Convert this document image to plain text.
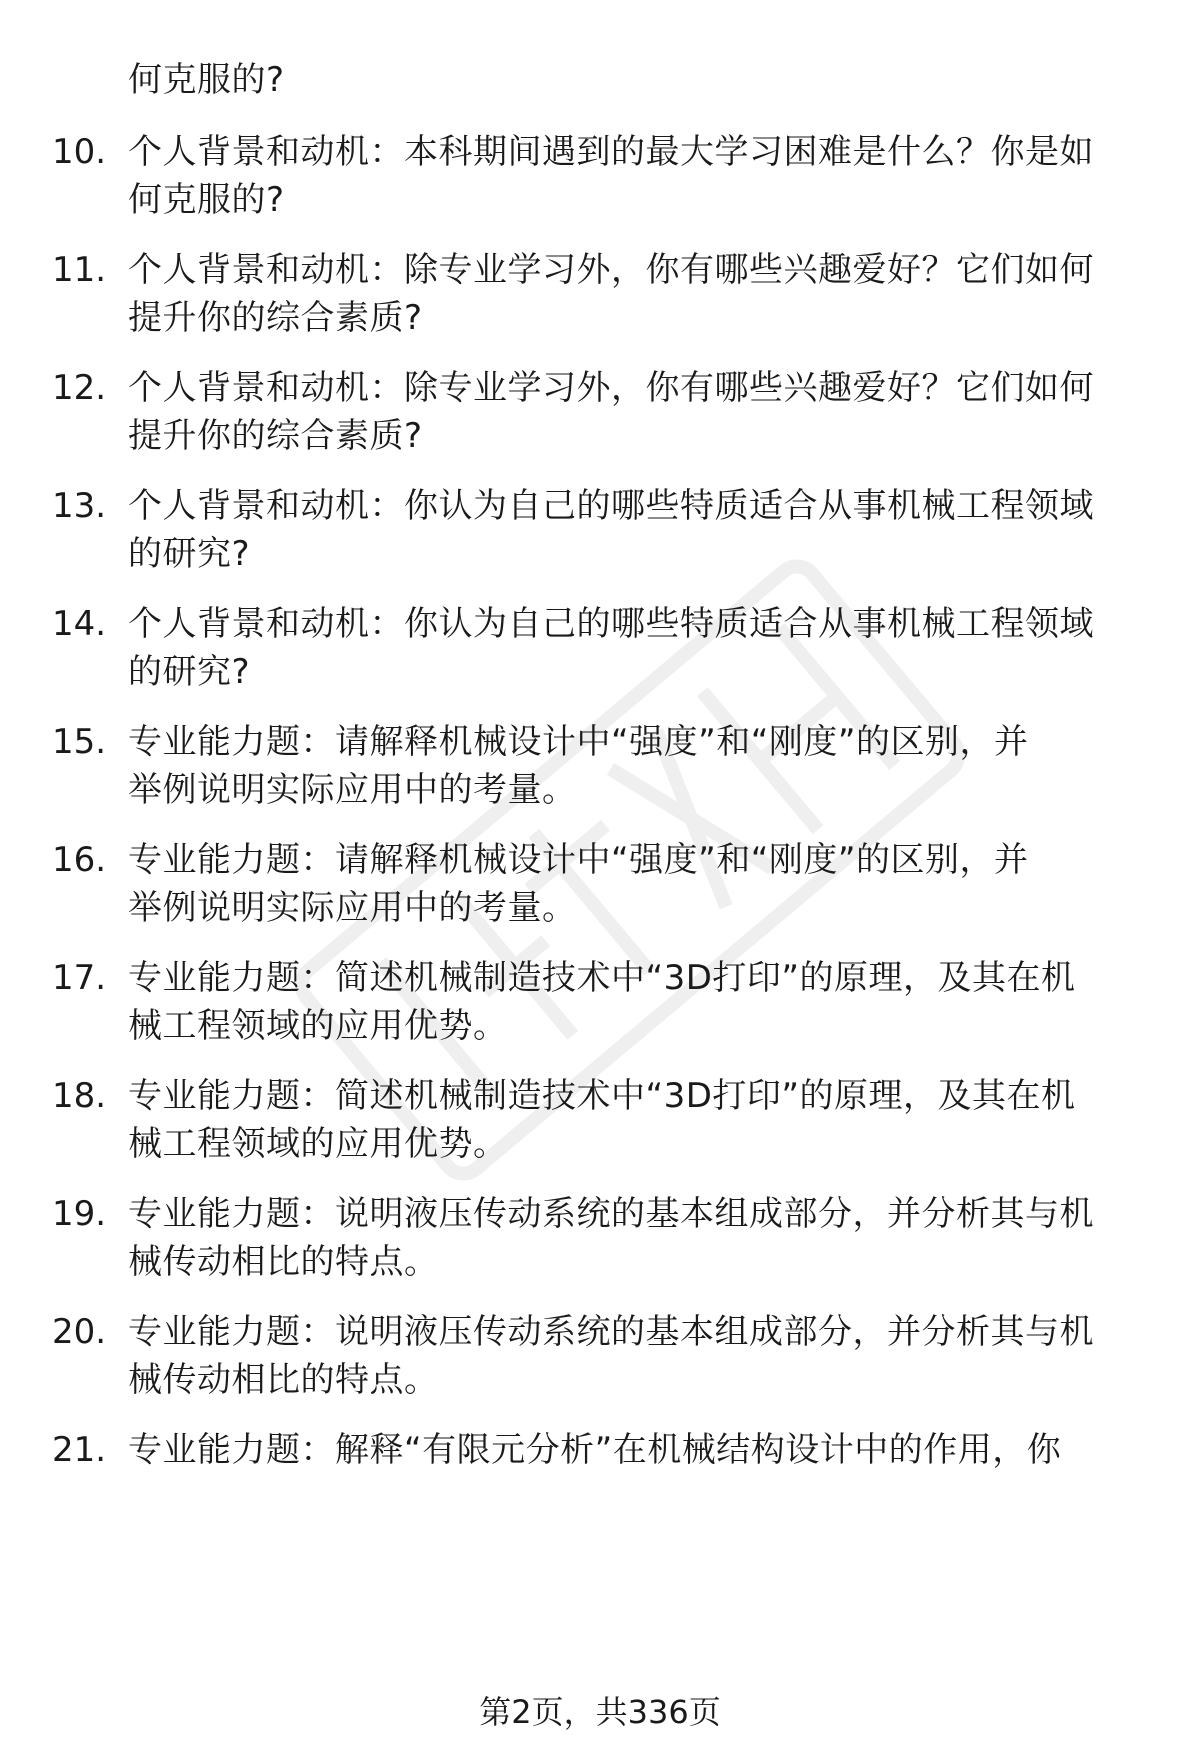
何克服的?
10. 个人背景和动机：本科期间遇到的最大学习困难是什么？你是如
何克服的?
11. 个人背景和动机：除专业学习外，你有哪些兴趣爱好？它们如何
提升你的综合素质?
12. 个人背景和动机：除专业学习外，你有哪些兴趣爱好？它们如何
提升你的综合素质?
13. 个人背景和动机：你认为自己的哪些特质适合从事机械工程领域
的研究?
14. 个人背景和动机：你认为自己的哪些特质适合从事机械工程领域
的研究?
15. 专业能力题：请解释机械设计中“强度”和“刚度”的区别，并
举例说明实际应用中的考量。
16. 专业能力题：请解释机械设计中“强度”和“刚度”的区别，并
举例说明实际应用中的考量。
17. 专业能力题：简述机械制造技术中“3D打印”的原理，及其在机
械工程领域的应用优势。
18. 专业能力题：简述机械制造技术中“3D打印”的原理，及其在机
械工程领域的应用优势。
19. 专业能力题：说明液压传动系统的基本组成部分，并分析其与机
械传动相比的特点。
20. 专业能力题：说明液压传动系统的基本组成部分，并分析其与机
械传动相比的特点。
21. 专业能力题：解释“有限元分析”在机械结构设计中的作用，你
第2页，共336页
